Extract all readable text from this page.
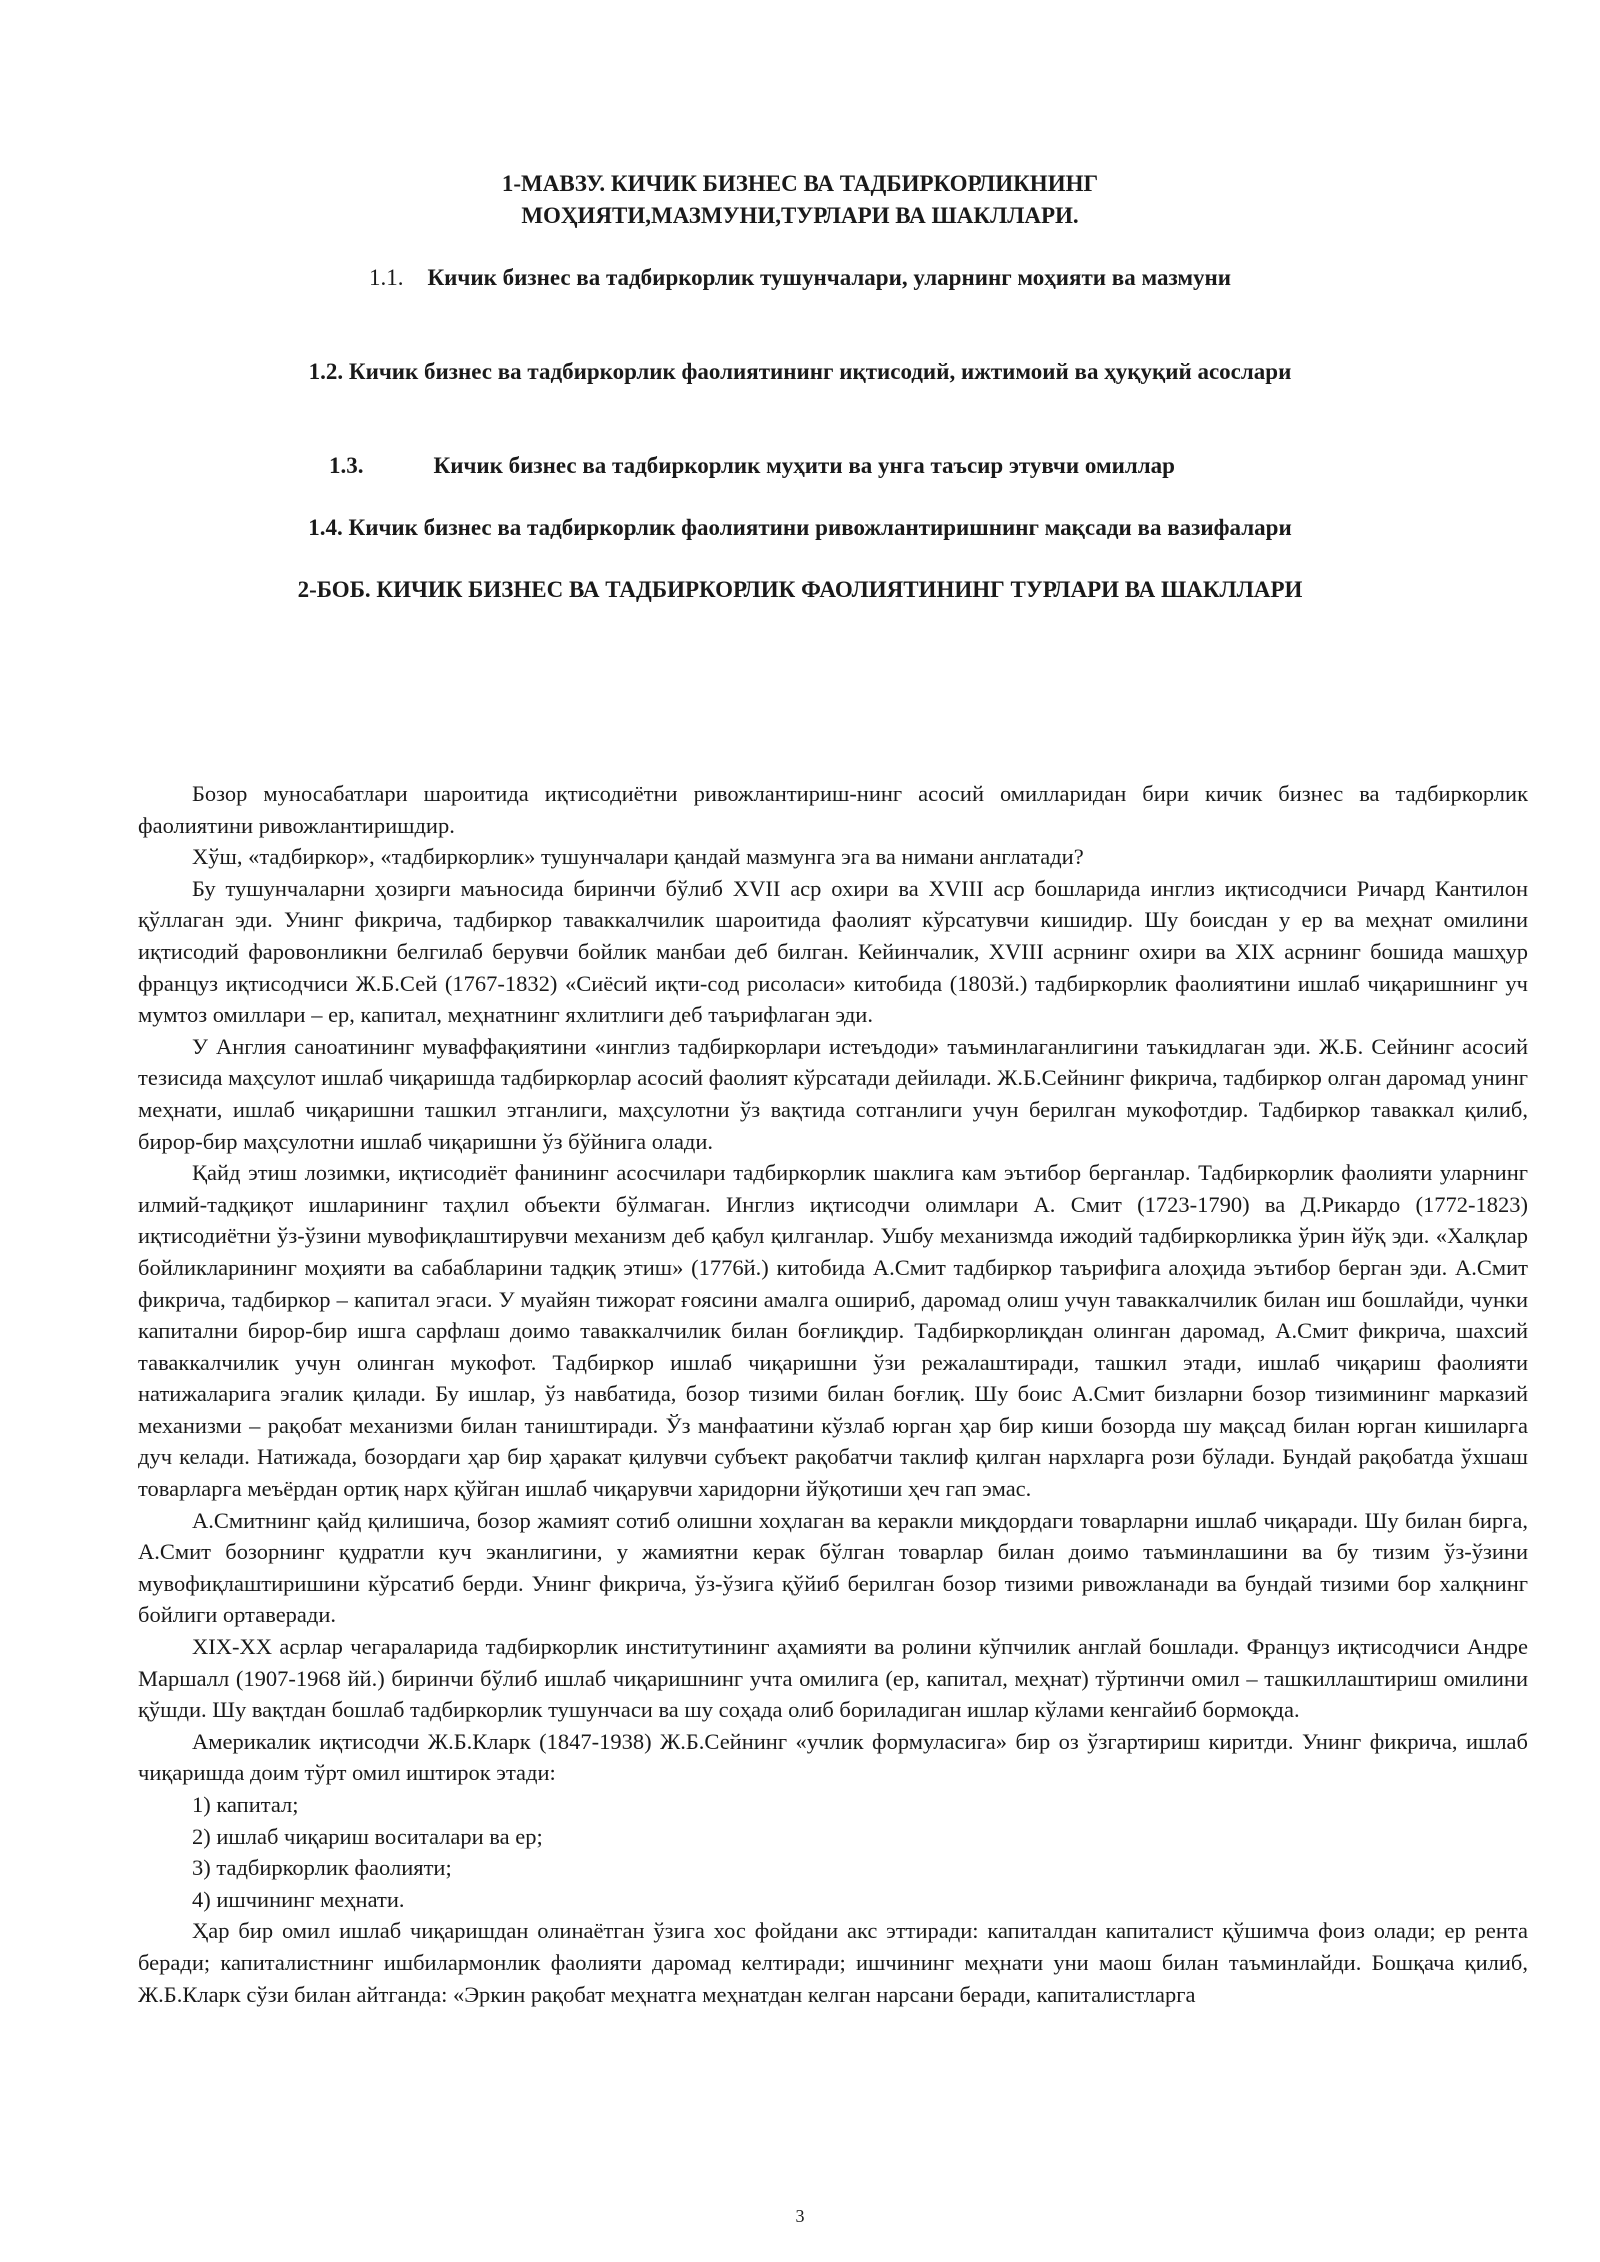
1-МАВЗУ. КИЧИК БИЗНЕС ВА ТАДБИРКОРЛИКНИНГ
МОҲИЯТИ,МАЗМУНИ,ТУРЛАРИ ВА ШАКЛЛАРИ.
1.1. Кичик бизнес ва тадбиркорлик тушунчалари, уларнинг моҳияти ва мазмуни
1.2. Кичик бизнес ва тадбиркорлик фаолиятининг иқтисодий, ижтимоий ва ҳуқуқий асослари
1.3.	Кичик бизнес ва тадбиркорлик муҳити ва унга таъсир этувчи омиллар
1.4. Кичик бизнес ва тадбиркорлик фаолиятини ривожлантиришнинг мақсади ва вазифалари
2-БОБ. КИЧИК БИЗНЕС ВА ТАДБИРКОРЛИК ФАОЛИЯТИНИНГ ТУРЛАРИ ВА ШАКЛЛАРИ

Бозор муносабатлари шароитида иқтисодиётни ривожлантириш-нинг асосий омилларидан бири кичик бизнес ва тадбиркорлик фаолиятини ривожлантиришдир.

Хўш, «тадбиркор», «тадбиркорлик» тушунчалари қандай мазмунга эга ва нимани англатади?

Бу тушунчаларни ҳозирги маъносида биринчи бўлиб XVII аср охири ва XVIII аср бошларида инглиз иқтисодчиси Ричард Кантилон қўллаган эди. Унинг фикрича, тадбиркор таваккалчилик шароитида фаолият кўрсатувчи кишидир. Шу боисдан у ер ва меҳнат омилини иқтисодий фаровонликни белгилаб берувчи бойлик манбаи деб билган. Кейинчалик, XVIII асрнинг охири ва XIX асрнинг бошида машҳур француз иқтисодчиси Ж.Б.Сей (1767-1832) «Сиёсий иқти-сод рисоласи» китобида (1803й.) тадбиркорлик фаолиятини ишлаб чиқаришнинг уч мумтоз омиллари – ер, капитал, меҳнатнинг яхлитлиги деб таърифлаган эди.

У Англия саноатининг муваффақиятини «инглиз тадбиркорлари истеъдоди» таъминлаганлигини таъкидлаган эди. Ж.Б. Сейнинг асосий тезисида маҳсулот ишлаб чиқаришда тадбиркорлар асосий фаолият кўрсатади дейилади. Ж.Б.Сейнинг фикрича, тадбиркор олган даромад унинг меҳнати, ишлаб чиқаришни ташкил этганлиги, маҳсулотни ўз вақтида сотганлиги учун берилган мукофотдир. Тадбиркор таваккал қилиб, бирор-бир маҳсулотни ишлаб чиқаришни ўз бўйнига олади.

Қайд этиш лозимки, иқтисодиёт фанининг асосчилари тадбиркорлик шаклига кам эътибор берганлар. Тадбиркорлик фаолияти уларнинг илмий-тадқиқот ишларининг таҳлил объекти бўлмаган. Инглиз иқтисодчи олимлари А. Смит (1723-1790) ва Д.Рикардо (1772-1823) иқтисодиётни ўз-ўзини мувофиқлаштирувчи механизм деб қабул қилганлар. Ушбу механизмда ижодий тадбиркорликка ўрин йўқ эди. «Халқлар бойликларининг моҳияти ва сабабларини тадқиқ этиш» (1776й.) китобида А.Смит тадбиркор таърифига алоҳида эътибор берган эди. А.Смит фикрича, тадбиркор – капитал эгаси. У муайян тижорат ғоясини амалга ошириб, даромад олиш учун таваккалчилик билан иш бошлайди, чунки капитални бирор-бир ишга сарфлаш доимо таваккалчилик билан боғлиқдир. Тадбиркорлиқдан олинган даромад, А.Смит фикрича, шахсий таваккалчилик учун олинган мукофот. Тадбиркор ишлаб чиқаришни ўзи режалаштиради, ташкил этади, ишлаб чиқариш фаолияти натижаларига эгалик қилади. Бу ишлар, ўз навбатида, бозор тизими билан боғлиқ. Шу боис А.Смит бизларни бозор тизимининг марказий механизми – рақобат механизми билан таништиради. Ўз манфаатини кўзлаб юрган ҳар бир киши бозорда шу мақсад билан юрган кишиларга дуч келади. Натижада, бозордаги ҳар бир ҳаракат қилувчи субъект рақобатчи таклиф қилган нархларга рози бўлади. Бундай рақобатда ўхшаш товарларга меъёрдан ортиқ нарх қўйган ишлаб чиқарувчи харидорни йўқотиши ҳеч гап эмас.

А.Смитнинг қайд қилишича, бозор жамият сотиб олишни хоҳлаган ва керакли миқдордаги товарларни ишлаб чиқаради. Шу билан бирга, А.Смит бозорнинг қудратли куч эканлигини, у жамиятни керак бўлган товарлар билан доимо таъминлашини ва бу тизим ўз-ўзини мувофиқлаштиришини кўрсатиб берди. Унинг фикрича, ўз-ўзига қўйиб берилган бозор тизими ривожланади ва бундай тизими бор халқнинг бойлиги ортаверади.

XIX-XX асрлар чегараларида тадбиркорлик институтининг аҳамияти ва ролини кўпчилик англай бошлади. Француз иқтисодчиси Андре Маршалл (1907-1968 йй.) биринчи бўлиб ишлаб чиқаришнинг учта омилига (ер, капитал, меҳнат) тўртинчи омил – ташкиллаштириш омилини қўшди. Шу вақтдан бошлаб тадбиркорлик тушунчаси ва шу соҳада олиб бориладиган ишлар кўлами кенгайиб бормоқда.

Америкалик иқтисодчи Ж.Б.Кларк (1847-1938) Ж.Б.Сейнинг «учлик формуласига» бир оз ўзгартириш киритди. Унинг фикрича, ишлаб чиқаришда доим тўрт омил иштирок этади:

1) капитал;

2) ишлаб чиқариш воситалари ва ер;

3) тадбиркорлик фаолияти;

4) ишчининг меҳнати.

Ҳар бир омил ишлаб чиқаришдан олинаётган ўзига хос фойдани акс эттиради: капиталдан капиталист қўшимча фоиз олади; ер рента беради; капиталистнинг ишбилармонлик фаолияти даромад келтиради; ишчининг меҳнати уни маош билан таъминлайди. Бошқача қилиб, Ж.Б.Кларк сўзи билан айтганда: «Эркин рақобат меҳнатга меҳнатдан келган нарсани беради, капиталистларга

3
